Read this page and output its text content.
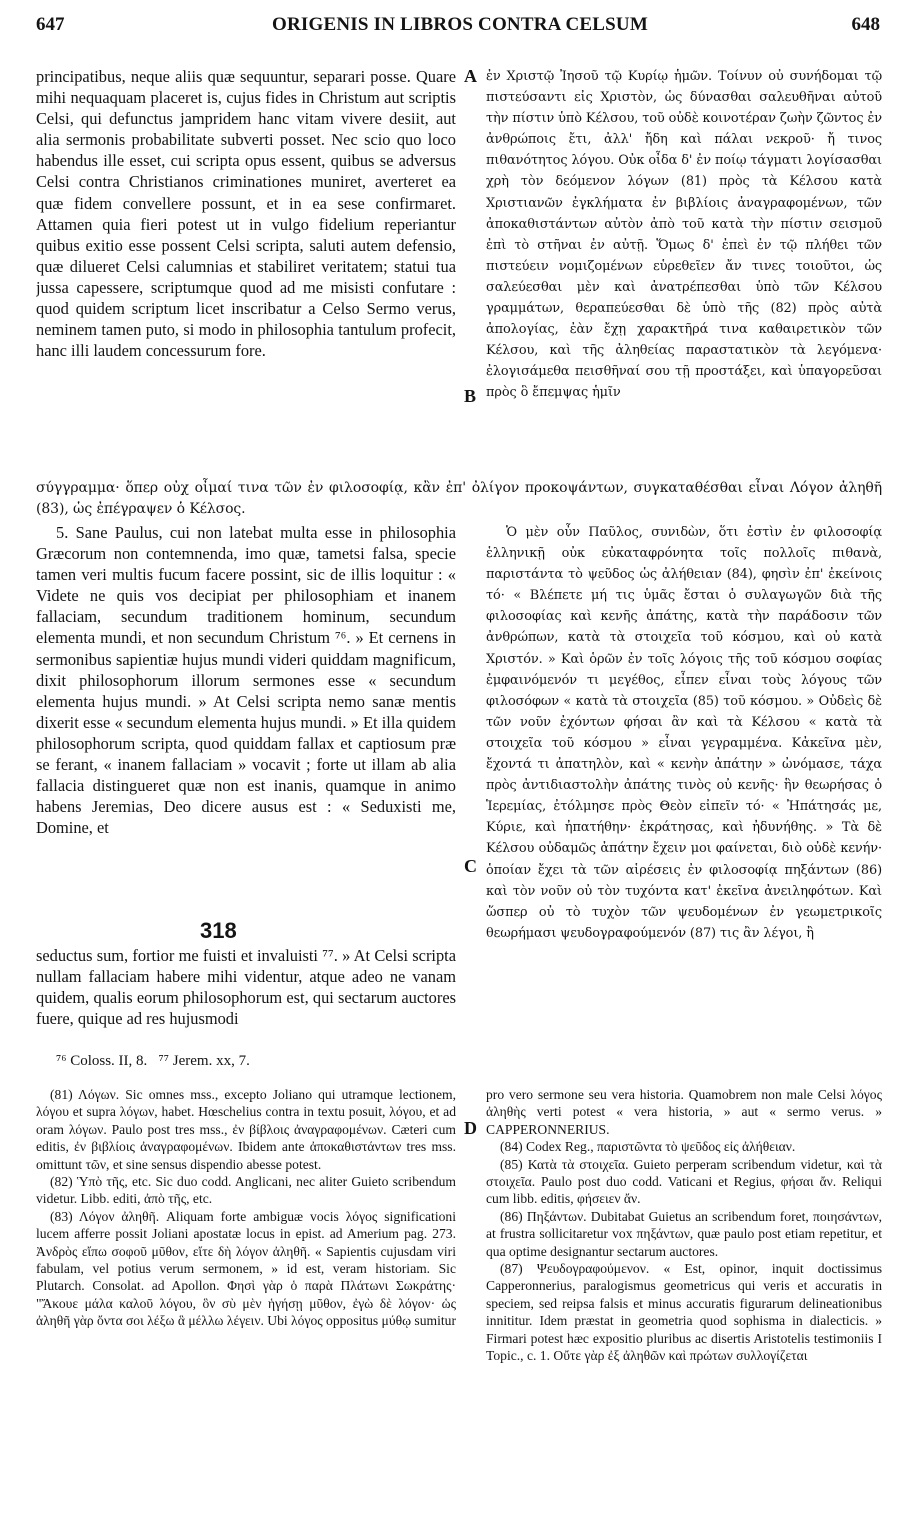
647	ORIGENIS IN LIBROS CONTRA CELSUM	648

principatibus, neque aliis quæ sequuntur, separari posse. Quare mihi nequaquam placeret is, cujus fides in Christum aut scriptis Celsi, qui defunctus jampridem hanc vitam vivere desiit, aut alia sermonis probabilitate subverti posset. Nec scio quo loco habendus ille esset, cui scripta opus essent, quibus se adversus Celsi contra Christianos criminationes muniret, averteret ea quæ fidem convellere possunt, et in ea sese confirmaret. Attamen quia fieri potest ut in vulgo fidelium reperiantur quibus exitio esse possent Celsi scripta, saluti autem defensio, quæ dilueret Celsi calumnias et stabiliret veritatem; statui tua jussa capessere, scriptumque quod ad me misisti confutare : quod quidem scriptum licet inscribatur a Celso Sermo verus, neminem tamen puto, si modo in philosophia tantulum profecit, hanc illi laudem concessurum fore.

A ἐν Χριστῷ Ἰησοῦ τῷ Κυρίῳ ἡμῶν. Τοίνυν οὐ συνήδομαι τῷ πιστεύσαντι εἰς Χριστὸν, ὡς δύνασθαι σαλευθῆναι αὐτοῦ τὴν πίστιν ὑπὸ Κέλσου, τοῦ οὐδὲ κοινοτέραν ζωὴν ζῶντος ἐν ἀνθρώποις ἔτι, ἀλλ' ἤδη καὶ πάλαι νεκροῦ· ἤ τινος πιθανότητος λόγου. Οὐκ οἶδα δ' ἐν ποίῳ τάγματι λογίσασθαι χρὴ τὸν δεόμενον λόγων (81) πρὸς τὰ Κέλσου κατὰ Χριστιανῶν ἐγκλήματα ἐν βιβλίοις ἀναγραφομένων, τῶν ἀποκαθιστάντων αὐτὸν ἀπὸ τοῦ κατὰ τὴν πίστιν σεισμοῦ ἐπὶ τὸ στῆναι ἐν αὐτῇ. Ὅμως δ' ἐπεὶ ἐν τῷ πλήθει τῶν πιστεύειν νομιζομένων εὑρεθεῖεν ἄν τινες τοιοῦτοι, ὡς σαλεύεσθαι μὲν καὶ ἀνατρέπεσθαι ὑπὸ τῶν Κέλσου γραμμάτων, θεραπεύεσθαι δὲ ὑπὸ τῆς (82) πρὸς αὐτὰ ἀπολογίας, ἐὰν ἔχῃ χαρακτῆρά τινα καθαιρετικὸν τῶν Κέλσου, καὶ τῆς ἀληθείας παραστατικὸν τὰ λεγόμενα· ἐλογισάμεθα πεισθῆναί σου τῇ προστάξει, καὶ ὑπαγορεῦσαι πρὸς ὃ ἔπεμψας ἡμῖν

B

σύγγραμμα· ὅπερ οὐχ οἶμαί τινα τῶν ἐν φιλοσοφίᾳ, κἂν ἐπ' ὀλίγον προκοψάντων, συγκαταθέσθαι εἶναι Λόγον ἀληθῆ (83), ὡς ἐπέγραψεν ὁ Κέλσος.

5. Sane Paulus, cui non latebat multa esse in philosophia Græcorum non contemnenda, imo quæ, tametsi falsa, specie tamen veri multis fucum facere possint, sic de illis loquitur : « Videte ne quis vos decipiat per philosophiam et inanem fallaciam, secundum traditionem hominum, secundum elementa mundi, et non secundum Christum ⁷⁶. » Et cernens in sermonibus sapientiæ hujus mundi videri quiddam magnificum, dixit philosophorum illorum sermones esse « secundum elementa hujus mundi. » At Celsi scripta nemo sanæ mentis dixerit esse « secundum elementa hujus mundi. » Et illa quidem philosophorum scripta, quod quiddam fallax et captiosum præ se ferant, « inanem fallaciam » vocavit ; forte ut illam ab alia fallacia distingueret quæ non est inanis, quamque in animo habens Jeremias, Deo dicere ausus est : « Seduxisti me, Domine, et

318

seductus sum, fortior me fuisti et invaluisti ⁷⁷. » At Celsi scripta nullam fallaciam habere mihi videntur, atque adeo ne vanam quidem, qualis eorum philosophorum est, qui sectarum auctores fuere, quique ad res hujusmodi

C

Ὁ μὲν οὖν Παῦλος, συνιδὼν, ὅτι ἐστὶν ἐν φιλοσοφίᾳ ἑλληνικῇ οὐκ εὐκαταφρόνητα τοῖς πολλοῖς πιθανὰ, παριστάντα τὸ ψεῦδος ὡς ἀλήθειαν (84), φησὶν ἐπ' ἐκείνοις τό· « Βλέπετε μή τις ὑμᾶς ἔσται ὁ συλαγωγῶν διὰ τῆς φιλοσοφίας καὶ κενῆς ἀπάτης, κατὰ τὴν παράδοσιν τῶν ἀνθρώπων, κατὰ τὰ στοιχεῖα τοῦ κόσμου, καὶ οὐ κατὰ Χριστόν. » Καὶ ὁρῶν ἐν τοῖς λόγοις τῆς τοῦ κόσμου σοφίας ἐμφαινόμενόν τι μεγέθος, εἶπεν εἶναι τοὺς λόγους τῶν φιλοσόφων « κατὰ τὰ στοιχεῖα (85) τοῦ κόσμου. » Οὐδεὶς δὲ τῶν νοῦν ἐχόντων φήσαι ἂν καὶ τὰ Κέλσου « κατὰ τὰ στοιχεῖα τοῦ κόσμου » εἶναι γεγραμμένα. Κἀκεῖνα μὲν, ἔχοντά τι ἀπατηλὸν, καὶ « κενὴν ἀπάτην » ὠνόμασε, τάχα πρὸς ἀντιδιαστολὴν ἀπάτης τινὸς οὐ κενῆς· ἣν θεωρήσας ὁ Ἱερεμίας, ἐτόλμησε πρὸς Θεὸν εἰπεῖν τό· « Ἠπάτησάς με, Κύριε, καὶ ἠπατήθην· ἐκράτησας, καὶ ἠδυνήθης. » Τὰ δὲ Κέλσου οὐδαμῶς ἀπάτην ἔχειν μοι φαίνεται, διὸ οὐδὲ κενήν· ὁποίαν ἔχει τὰ τῶν αἱρέσεις ἐν φιλοσοφίᾳ πηξάντων (86) καὶ τὸν νοῦν οὐ τὸν τυχόντα κατ' ἐκεῖνα ἀνειληφότων. Καὶ ὥσπερ οὐ τὸ τυχὸν τῶν ψευδομένων ἐν γεωμετρικοῖς θεωρήμασι ψευδογραφούμενόν (87) τις ἂν λέγοι, ἢ

⁷⁶ Coloss. II, 8.   ⁷⁷ Jerem. xx, 7.
D

(81) Λόγων. Sic omnes mss., excepto Joliano qui utramque lectionem, λόγου et supra λόγων, habet. Hœschelius contra in textu posuit, λόγου, et ad oram λόγων. Paulo post tres mss., ἐν βίβλοις ἀναγραφομένων. Cæteri cum editis, ἐν βιβλίοις ἀναγραφομένων. Ibidem ante ἀποκαθιστάντων tres mss. omittunt τῶν, et sine sensus dispendio abesse potest.

(82) Ὑπὸ τῆς, etc. Sic duo codd. Anglicani, nec aliter Guieto scribendum videtur. Libb. editi, ἀπὸ τῆς, etc.

(83) Λόγον ἀληθῆ. Aliquam forte ambiguæ vocis λόγος significationi lucem afferre possit Joliani apostatæ locus in epist. ad Amerium pag. 273. Ἀνδρὸς εἴπω σοφοῦ μῦθον, εἴτε δὴ λόγον ἀληθῆ. « Sapientis cujusdam viri fabulam, vel potius verum sermonem, » id est, veram historiam. Sic Plutarch. Consolat. ad Apollon. Φησὶ γὰρ ὁ παρὰ Πλάτωνι Σωκράτης· "Ἄκουε μάλα καλοῦ λόγου, ὃν σὺ μὲν ἡγήσῃ μῦθον, ἐγὼ δὲ λόγον· ὡς ἀληθῆ γὰρ ὄντα σοι λέξω ἃ μέλλω λέγειν. Ubi λόγος oppositus μύθῳ sumitur

pro vero sermone seu vera historia. Quamobrem non male Celsi λόγος ἀληθὴς verti potest « vera historia, » aut « sermo verus. » CAPPERONNERIUS.

(84) Codex Reg., παριστῶντα τὸ ψεῦδος εἰς ἀλήθειαν.

(85) Κατὰ τὰ στοιχεῖα. Guieto perperam scribendum videtur, καὶ τὰ στοιχεῖα. Paulo post duo codd. Vaticani et Regius, φήσαι ἄν. Reliqui cum libb. editis, φήσειεν ἄν.

(86) Πηξάντων. Dubitabat Guietus an scribendum foret, ποιησάντων, at frustra sollicitaretur vox πηξάντων, quæ paulo post etiam repetitur, et qua optime designantur sectarum auctores.

(87) Ψευδογραφούμενον. « Est, opinor, inquit doctissimus Capperonnerius, paralogismus geometricus qui veris et accuratis in speciem, sed reipsa falsis et minus accuratis figurarum delineationibus innititur. Idem præstat in geometria quod sophisma in dialecticis. » Firmari potest hæc expositio pluribus ac disertis Aristotelis testimoniis I Topic., c. 1. Οὔτε γὰρ ἐξ ἀληθῶν καὶ πρώτων συλλογίζεται
